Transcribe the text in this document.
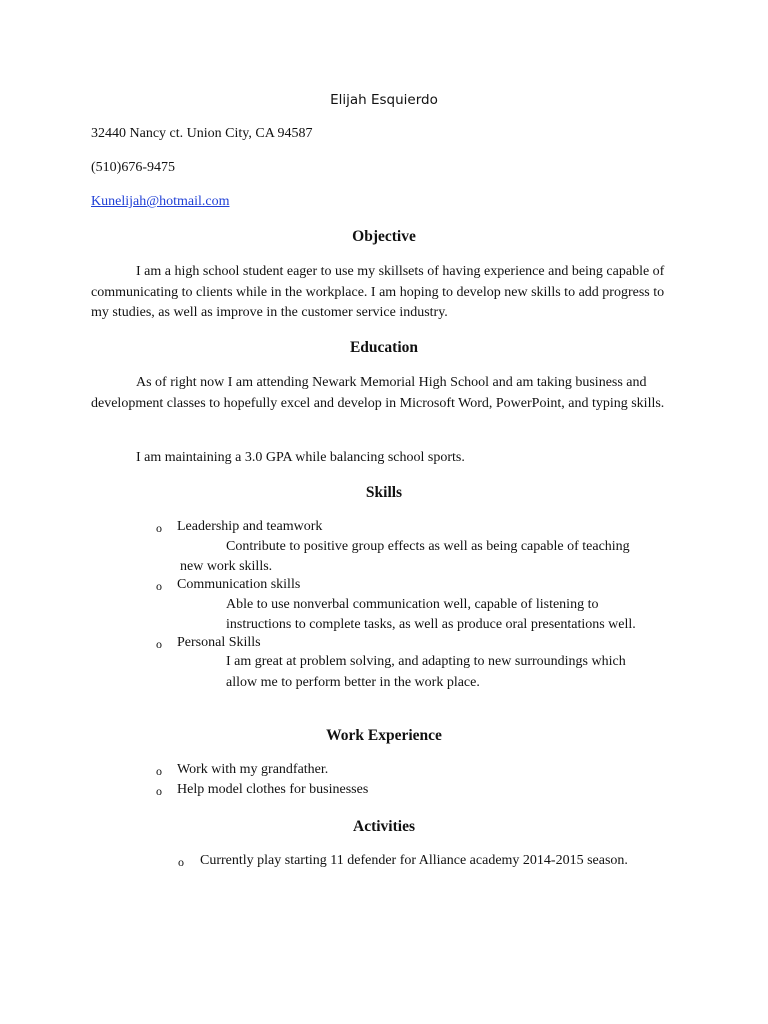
Elijah Esquierdo
32440 Nancy ct. Union City, CA 94587
(510)676-9475
Kunelijah@hotmail.com
Objective
I am a high school student eager to use my skillsets of having experience and being capable of communicating to clients while in the workplace. I am hoping to develop new skills to add progress to my studies, as well as improve in the customer service industry.
Education
As of right now I am attending Newark Memorial High School and am taking business and development classes to hopefully excel and develop in Microsoft Word, PowerPoint, and typing skills.
I am maintaining a 3.0 GPA while balancing school sports.
Skills
o Leadership and teamwork
Contribute to positive group effects as well as being capable of teaching
new work skills.
o Communication skills
Able to use nonverbal communication well, capable of listening to
instructions to complete tasks, as well as produce oral presentations well.
o Personal Skills
I am great at problem solving, and adapting to new surroundings which
allow me to perform better in the work place.
Work Experience
o Work with my grandfather.
o Help model clothes for businesses
Activities
o Currently play starting 11 defender for Alliance academy 2014-2015 season.
